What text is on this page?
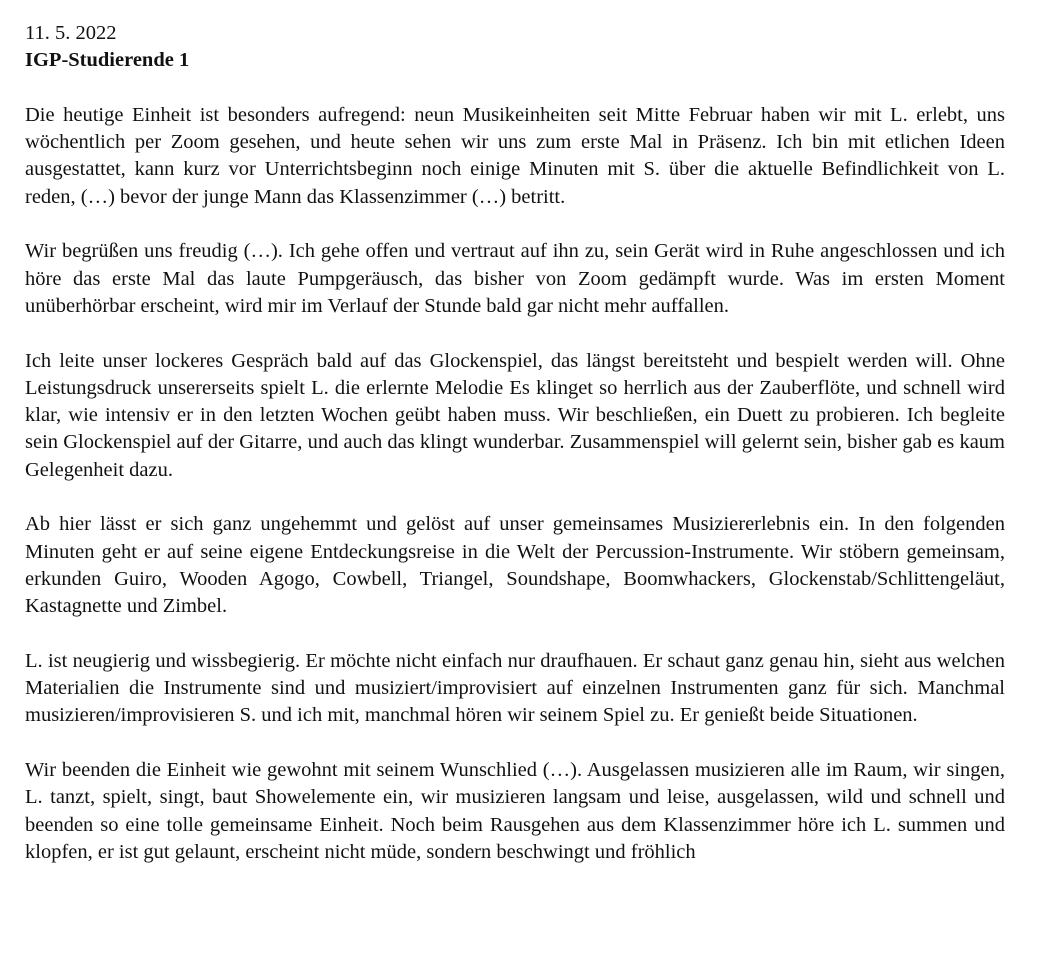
11. 5. 2022

IGP-Studierende 1

Die heutige Einheit ist besonders aufregend: neun Musikeinheiten seit Mitte Februar haben wir mit L. erlebt, uns wöchentlich per Zoom gesehen, und heute sehen wir uns zum erste Mal in Präsenz. Ich bin mit etlichen Ideen ausgestattet, kann kurz vor Unterrichtsbeginn noch einige Minuten mit S. über die aktuelle Befindlichkeit von L. reden, (…) bevor der junge Mann das Klassenzimmer (…) betritt.

Wir begrüßen uns freudig (…). Ich gehe offen und vertraut auf ihn zu, sein Gerät wird in Ruhe angeschlossen und ich höre das erste Mal das laute Pumpgeräusch, das bisher von Zoom gedämpft wurde. Was im ersten Moment unüberhörbar erscheint, wird mir im Verlauf der Stunde bald gar nicht mehr auffallen.

Ich leite unser lockeres Gespräch bald auf das Glockenspiel, das längst bereitsteht und bespielt werden will. Ohne Leistungsdruck unsererseits spielt L. die erlernte Melodie Es klinget so herrlich aus der Zauberflöte, und schnell wird klar, wie intensiv er in den letzten Wochen geübt haben muss. Wir beschließen, ein Duett zu probieren. Ich begleite sein Glockenspiel auf der Gitarre, und auch das klingt wunderbar. Zusammenspiel will gelernt sein, bisher gab es kaum Gelegenheit dazu.

Ab hier lässt er sich ganz ungehemmt und gelöst auf unser gemeinsames Musiziererlebnis ein. In den folgenden Minuten geht er auf seine eigene Entdeckungsreise in die Welt der Percussion-Instrumente. Wir stöbern gemeinsam, erkunden Guiro, Wooden Agogo, Cowbell, Triangel, Soundshape, Boomwhackers, Glockenstab/Schlittengeläut, Kastagnette und Zimbel.

L. ist neugierig und wissbegierig. Er möchte nicht einfach nur draufhauen. Er schaut ganz genau hin, sieht aus welchen Materialien die Instrumente sind und musiziert/improvisiert auf einzelnen Instrumenten ganz für sich. Manchmal musizieren/improvisieren S. und ich mit, manchmal hören wir seinem Spiel zu. Er genießt beide Situationen.

Wir beenden die Einheit wie gewohnt mit seinem Wunschlied (…). Ausgelassen musizieren alle im Raum, wir singen, L. tanzt, spielt, singt, baut Showelemente ein, wir musizieren langsam und leise, ausgelassen, wild und schnell und beenden so eine tolle gemeinsame Einheit. Noch beim Rausgehen aus dem Klassenzimmer höre ich L. summen und klopfen, er ist gut gelaunt, erscheint nicht müde, sondern beschwingt und fröhlich
